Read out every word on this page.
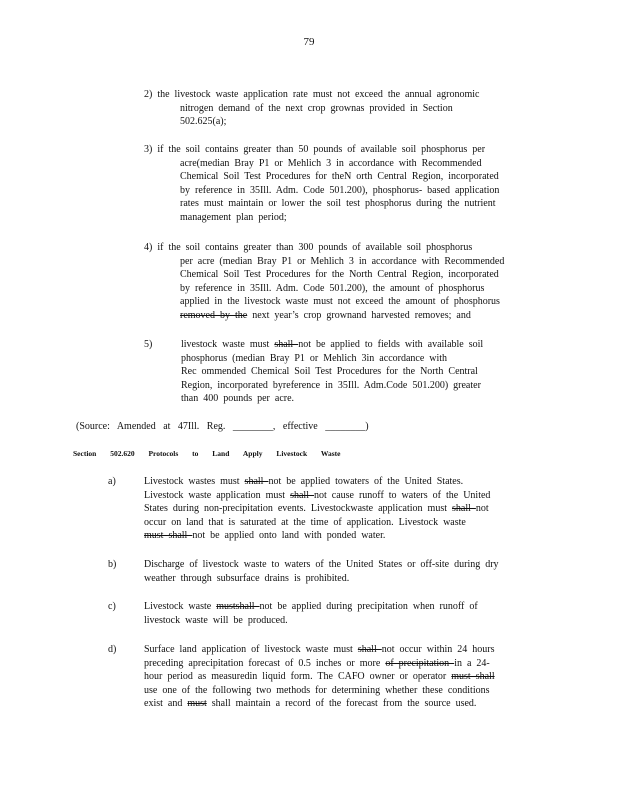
79
2) the livestock waste application rate must not exceed the annual agronomic
nitrogen demand of the next crop grownas provided in Section
502.625(a);
3) if the soil contains greater than 50 pounds of available soil phosphorus per
acre(median Bray P1 or Mehlich 3 in accordance with Recommended
Chemical Soil Test Procedures for theN orth Central Region, incorporated
by reference in 35Ill. Adm. Code 501.200), phosphorus- based application
rates must maintain or lower the soil test phosphorus during the nutrient
management plan period;
4) if the soil contains greater than 300 pounds of available soil phosphorus
per acre (median Bray P1 or Mehlich 3 in accordance with Recommended
Chemical Soil Test Procedures for the North Central Region, incorporated
by reference in 35Ill. Adm. Code 501.200), the amount of phosphorus
applied in the livestock waste must not exceed the amount of phosphorus
removed by the next year’s crop grownand harvested removes; and
5)	livestock waste must shall not be applied to fields with available soil
phosphorus (median Bray P1 or Mehlich 3in accordance with
Rec ommended Chemical Soil Test Procedures for the North Central
Region, incorporated byreference in 35Ill. Adm.Code 501.200) greater
than 400 pounds per acre.
(Source: Amended at 47Ill. Reg. ________, effective ________)
Section 502.620 Protocols to Land Apply Livestock Waste
a)	Livestock wastes must shall not be applied towaters of the United States.
Livestock waste application must shall not cause runoff to waters of the United
States during non-precipitation events. Livestockwaste application must shall not
occur on land that is saturated at the time of application. Livestock waste
must shall not be applied onto land with ponded water.
b)	Discharge of livestock waste to waters of the United States or off-site during dry
weather through subsurface drains is prohibited.
c)	Livestock waste mustshall not be applied during precipitation when runoff of
livestock waste will be produced.
d)	Surface land application of livestock waste must shall not occur within 24 hours
preceding aprecipitation forecast of 0.5 inches or more of precipitation in a 24-
hour period as measuredin liquid form. The CAFO owner or operator must shall
use one of the following two methods for determining whether these conditions
exist and must shall maintain a record of the forecast from the source used.
